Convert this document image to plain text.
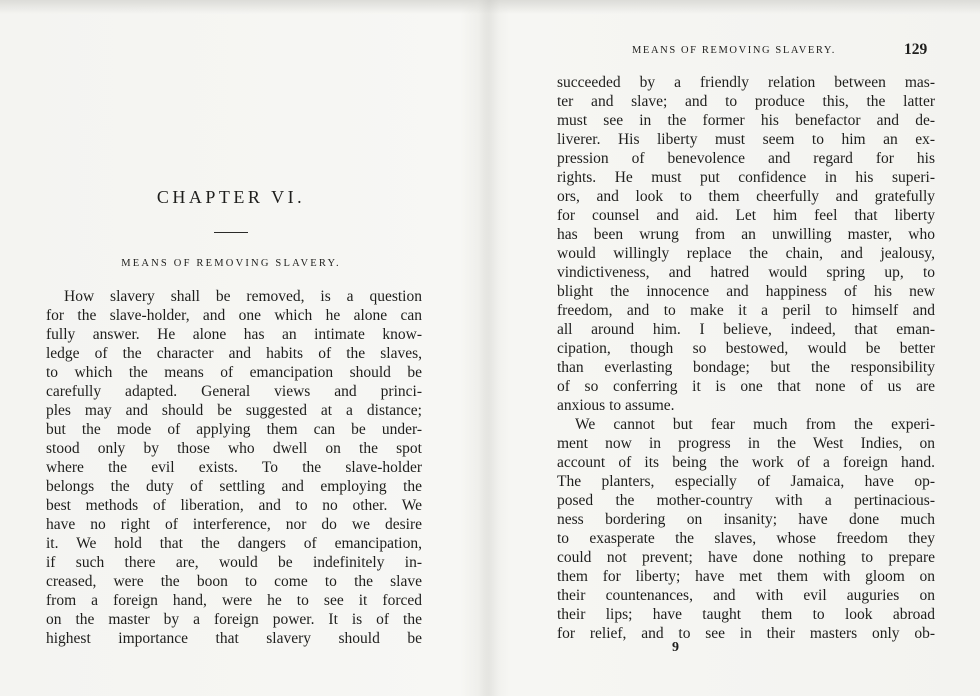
CHAPTER VI.
MEANS OF REMOVING SLAVERY.
How slavery shall be removed, is a question
for the slave-holder, and one which he alone can
fully answer. He alone has an intimate know-
ledge of the character and habits of the slaves,
to which the means of emancipation should be
carefully adapted. General views and princi-
ples may and should be suggested at a distance;
but the mode of applying them can be under-
stood only by those who dwell on the spot
where the evil exists. To the slave-holder
belongs the duty of settling and employing the
best methods of liberation, and to no other. We
have no right of interference, nor do we desire
it. We hold that the dangers of emancipation,
if such there are, would be indefinitely in-
creased, were the boon to come to the slave
from a foreign hand, were he to see it forced
on the master by a foreign power. It is of the
highest importance that slavery should be
MEANS OF REMOVING SLAVERY.	129
succeeded by a friendly relation between mas-
ter and slave; and to produce this, the latter
must see in the former his benefactor and de-
liverer. His liberty must seem to him an ex-
pression of benevolence and regard for his
rights. He must put confidence in his superi-
ors, and look to them cheerfully and gratefully
for counsel and aid. Let him feel that liberty
has been wrung from an unwilling master, who
would willingly replace the chain, and jealousy,
vindictiveness, and hatred would spring up, to
blight the innocence and happiness of his new
freedom, and to make it a peril to himself and
all around him. I believe, indeed, that eman-
cipation, though so bestowed, would be better
than everlasting bondage; but the responsibility
of so conferring it is one that none of us are
anxious to assume.
We cannot but fear much from the experi-
ment now in progress in the West Indies, on
account of its being the work of a foreign hand.
The planters, especially of Jamaica, have op-
posed the mother-country with a pertinacious-
ness bordering on insanity; have done much
to exasperate the slaves, whose freedom they
could not prevent; have done nothing to prepare
them for liberty; have met them with gloom on
their countenances, and with evil auguries on
their lips; have taught them to look abroad
for relief, and to see in their masters only ob-
9
